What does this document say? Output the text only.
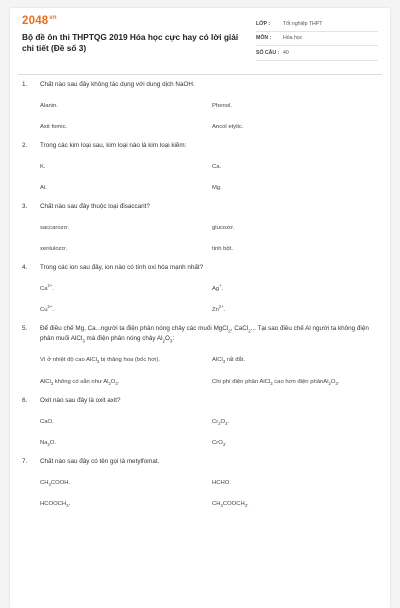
$2048^{vn}$
Bộ đề ôn thi THPTQG 2019 Hóa học cực hay có lời giải chi tiết (Đề số 3)
LỚP :	Tốt nghiệp THPT
MÔN :	Hóa học
SỐ CÂU : 40
1.	Chất nào sau đây không tác dụng với dung dịch NaOH.
Alanin.	Phenol.
Axit fomic.	Ancol etylic.
2.	Trong các kim loại sau, kim loại nào là kim loại kiềm:
K.	Ca.
Al.	Mg.
3.	Chất nào sau đây thuộc loại đisaccarit?
saccarozơ.	glucozơ.
xenlulozơ.	tinh bột.
4.	Trong các ion sau đây, ion nào có tính oxi hóa mạnh nhất?
$Ca^{2+}$.	Ag+.
$Cu^{2+}$.	$Zn^{2+}$.
5.	Để điều chế Mg, Ca...người ta điện phân nóng chảy các muối MgCl$_2$, CaCl$_2$... Tại sao điều chế Al người ta không điện phân muối AlCl$_3$ mà điện phân nóng chảy $Al_2O_3$:
Vì ở nhiệt độ cao AlCl$_3$ bị thăng hoa (bốc hơi).	AlCl$_3$ rất đắt.
AlCl$_3$ không có sẵn như $Al_2O_3$.	Chi phí điện phân AlCl$_3$ cao hơn điện $phânAl_2O_3$.
6.	Oxit nào sau đây là oxit axit?
CaO.	$Cr_2O_3$.
$Na_2O$.	CrO$_3$.
7.	Chất nào sau đây có tên gọi là metylfomat.
$CH_3COOH$.	HCHO.
$HCOOCH_3$.	$CH_3COOCH_3$.
